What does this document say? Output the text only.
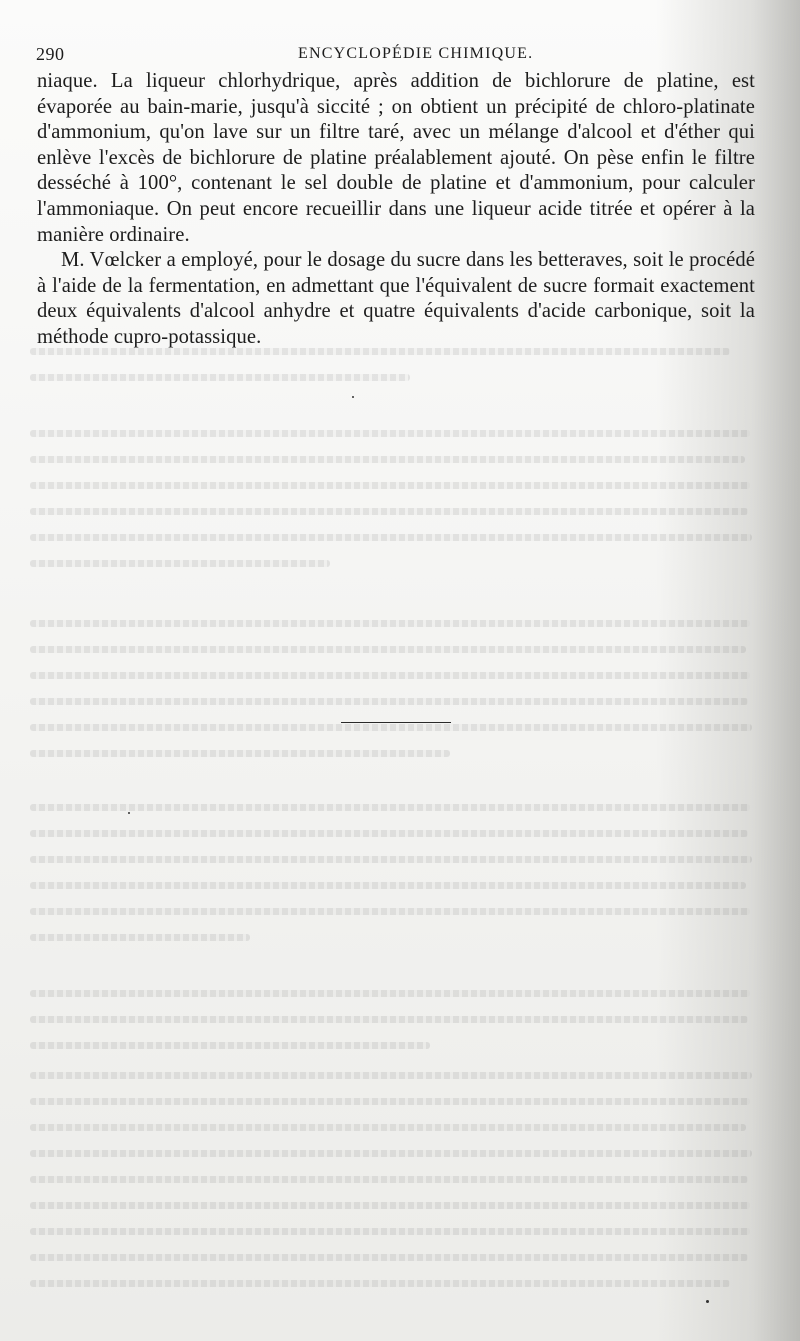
290	ENCYCLOPÉDIE CHIMIQUE.

niaque. La liqueur chlorhydrique, après addition de bichlorure de platine, est évaporée au bain-marie, jusqu'à siccité ; on obtient un précipité de chloro-platinate d'ammonium, qu'on lave sur un filtre taré, avec un mélange d'alcool et d'éther qui enlève l'excès de bichlorure de platine préalablement ajouté. On pèse enfin le filtre desséché à 100°, contenant le sel double de platine et d'ammonium, pour calculer l'ammoniaque. On peut encore recueillir dans une liqueur acide titrée et opérer à la manière ordinaire.

M. Vœlcker a employé, pour le dosage du sucre dans les betteraves, soit le procédé à l'aide de la fermentation, en admettant que l'équivalent de sucre formait exactement deux équivalents d'alcool anhydre et quatre équivalents d'acide carbonique, soit la méthode cupro-potassique.
